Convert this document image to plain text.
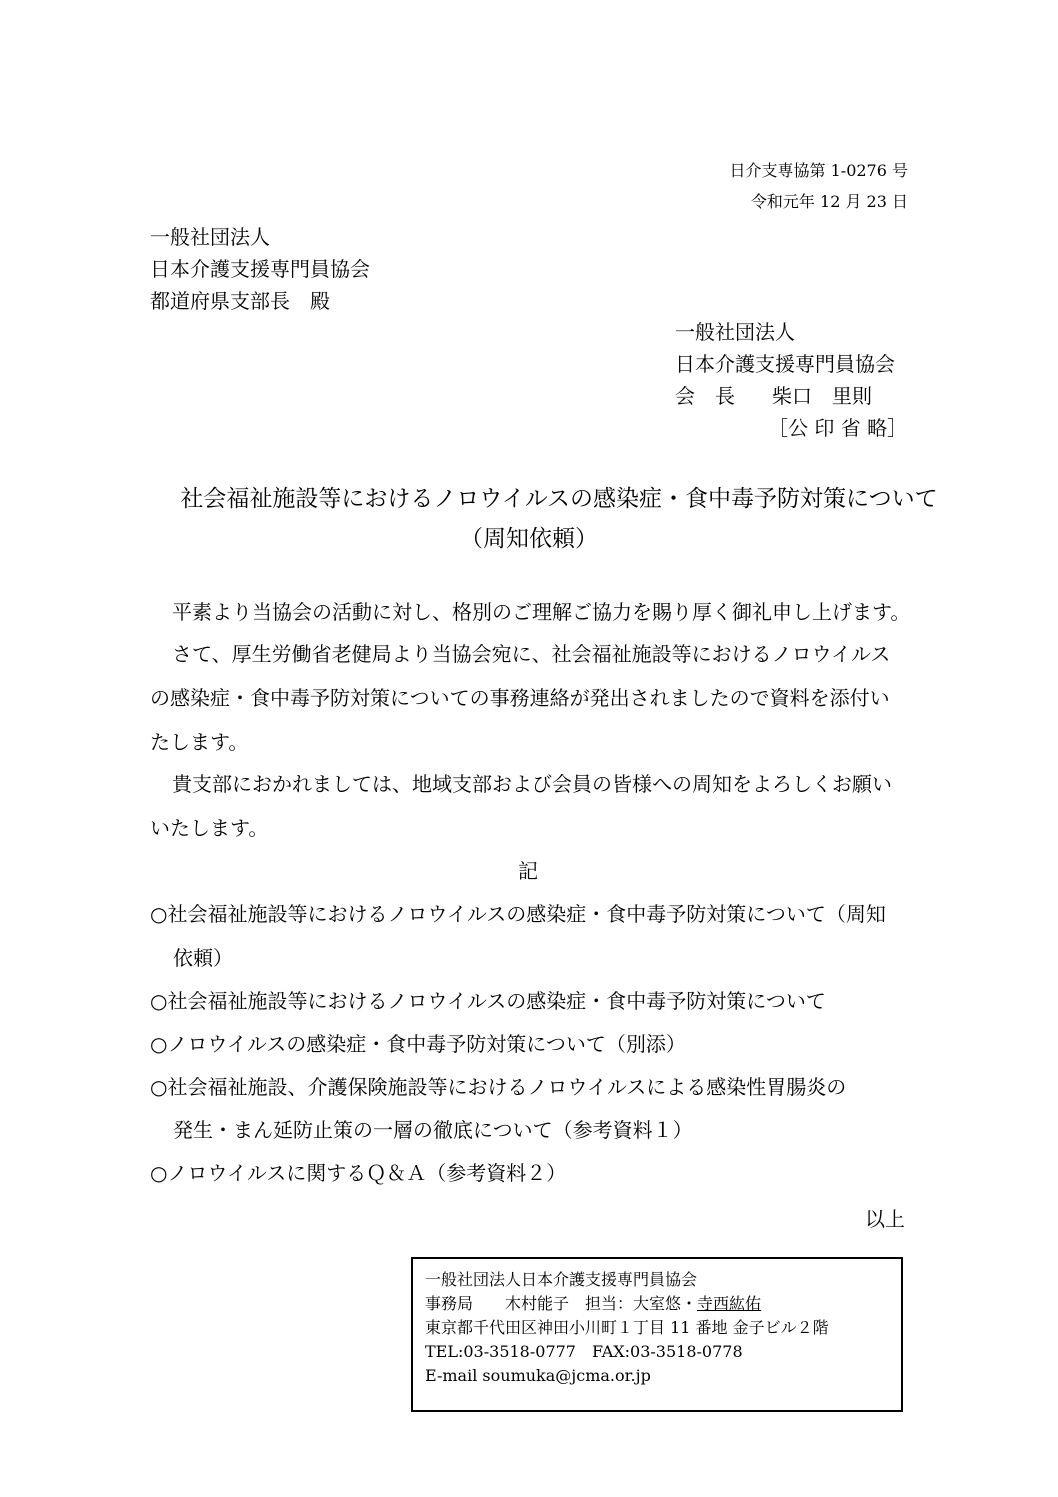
日介支専協第 1-0276 号
令和元年 12 月 23 日
一般社団法人
日本介護支援専門員協会
都道府県支部長　殿
一般社団法人
日本介護支援専門員協会
会　長 柴口　里則
［公 印 省 略］
社会福祉施設等におけるノロウイルスの感染症・食中毒予防対策について
（周知依頼）
平素より当協会の活動に対し、格別のご理解ご協力を賜り厚く御礼申し上げます。
さて、厚生労働省老健局より当協会宛に、社会福祉施設等におけるノロウイルス
の感染症・食中毒予防対策についての事務連絡が発出されましたので資料を添付い
たします。
貴支部におかれましては、地域支部および会員の皆様への周知をよろしくお願い
いたします。
記
○社会福祉施設等におけるノロウイルスの感染症・食中毒予防対策について（周知
依頼）
○社会福祉施設等におけるノロウイルスの感染症・食中毒予防対策について
○ノロウイルスの感染症・食中毒予防対策について（別添）
○社会福祉施設、介護保険施設等におけるノロウイルスによる感染性胃腸炎の
発生・まん延防止策の一層の徹底について（参考資料１）
○ノロウイルスに関するＱ＆Ａ（参考資料２）
以上
一般社団法人日本介護支援専門員協会
事務局　　木村能子　担当：大室悠・寺西紘佑
東京都千代田区神田小川町１丁目 11 番地 金子ビル２階
TEL:03-3518-0777　FAX:03-3518-0778
E-mail soumuka@jcma.or.jp
